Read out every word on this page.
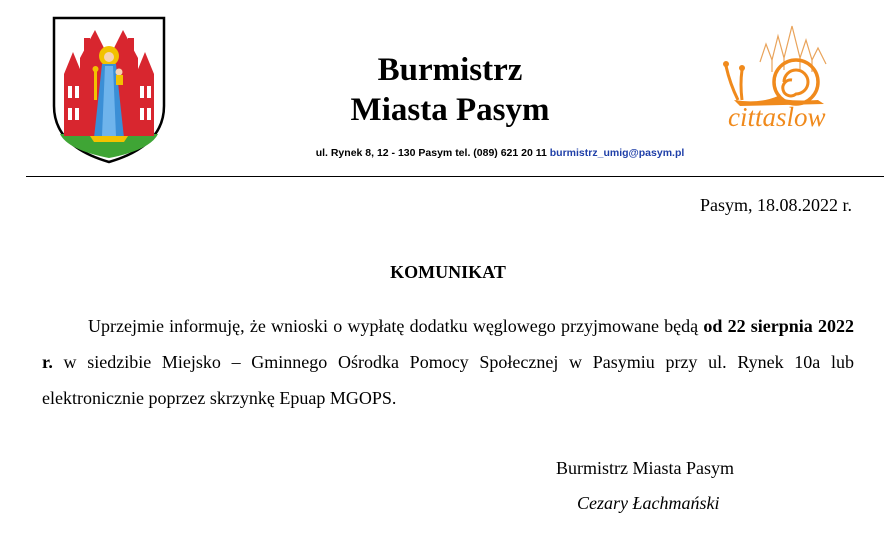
Burmistrz
Miasta Pasym
ul. Rynek 8, 12 - 130 Pasym tel. (089) 621 20 11 burmistrz_umig@pasym.pl
cittaslow
Pasym, 18.08.2022 r.
KOMUNIKAT

Uprzejmie informuję, że wnioski o wypłatę dodatku węglowego przyjmowane będą od 22 sierpnia 2022 r. w siedzibie Miejsko – Gminnego Ośrodka Pomocy Społecznej w Pasymiu przy ul. Rynek 10a lub elektronicznie poprzez skrzynkę Epuap MGOPS.

Burmistrz Miasta Pasym
Cezary Łachmański
